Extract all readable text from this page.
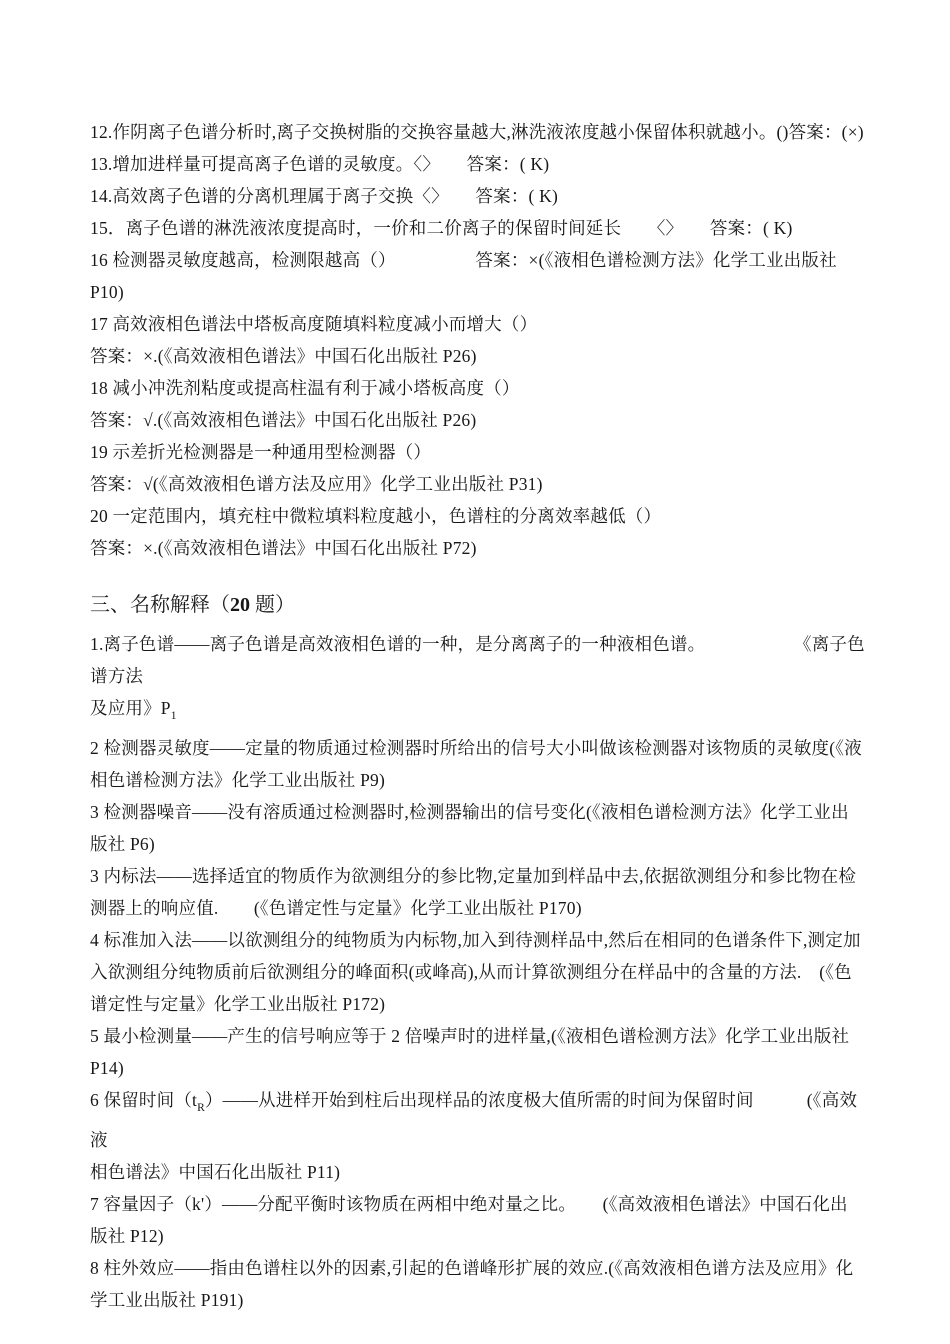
12.作阴离子色谱分析时,离子交换树脂的交换容量越大,淋洗液浓度越小保留体积就越小。()答案：(×)
13.增加进样量可提高离子色谱的灵敏度。〈〉　　答案：( K)
14.高效离子色谱的分离机理属于离子交换〈〉　　答案：( K)
15．离子色谱的淋洗液浓度提高时，一价和二价离子的保留时间延长　　〈〉　　答案：( K)
16 检测器灵敏度越高，检测限越高（）　　　　　答案：×(《液相色谱检测方法》化学工业出版社 P10)
17 高效液相色谱法中塔板高度随填料粒度减小而增大（）
答案：×.(《高效液相色谱法》中国石化出版社 P26)
18 减小冲洗剂粘度或提高柱温有利于减小塔板高度（）
答案：√.(《高效液相色谱法》中国石化出版社 P26)
19 示差折光检测器是一种通用型检测器（）
答案：√(《高效液相色谱方法及应用》化学工业出版社 P31)
20 一定范围内，填充柱中微粒填料粒度越小，色谱柱的分离效率越低（）
答案：×.(《高效液相色谱法》中国石化出版社 P72)
三、名称解释（20 题）
1.离子色谱——离子色谱是高效液相色谱的一种，是分离离子的一种液相色谱。　　　　　　《离子色谱方法
及应用》$P_1$
2 检测器灵敏度——定量的物质通过检测器时所给出的信号大小叫做该检测器对该物质的灵敏度(《液
相色谱检测方法》化学工业出版社 P9)
3 检测器噪音——没有溶质通过检测器时,检测器输出的信号变化(《液相色谱检测方法》化学工业出
版社 P6)
3 内标法——选择适宜的物质作为欲测组分的参比物,定量加到样品中去,依据欲测组分和参比物在检
测器上的响应值.　　(《色谱定性与定量》化学工业出版社 P170)
4 标准加入法——以欲测组分的纯物质为内标物,加入到待测样品中,然后在相同的色谱条件下,测定加
入欲测组分纯物质前后欲测组分的峰面积(或峰高),从而计算欲测组分在样品中的含量的方法.　(《色
谱定性与定量》化学工业出版社 P172)
5 最小检测量——产生的信号响应等于 2 倍噪声时的进样量,(《液相色谱检测方法》化学工业出版社
P14)
6 保留时间$(t_R)——$从进样开始到柱后出现样品的浓度极大值所需的时间为保留时间　　　(《高效液
相色谱法》中国石化出版社 P11)
7 容量因子（k'）——分配平衡时该物质在两相中绝对量之比。　　(《高效液相色谱法》中国石化出
版社 P12)
8 柱外效应——指由色谱柱以外的因素,引起的色谱峰形扩展的效应.(《高效液相色谱方法及应用》化
学工业出版社 P191)
